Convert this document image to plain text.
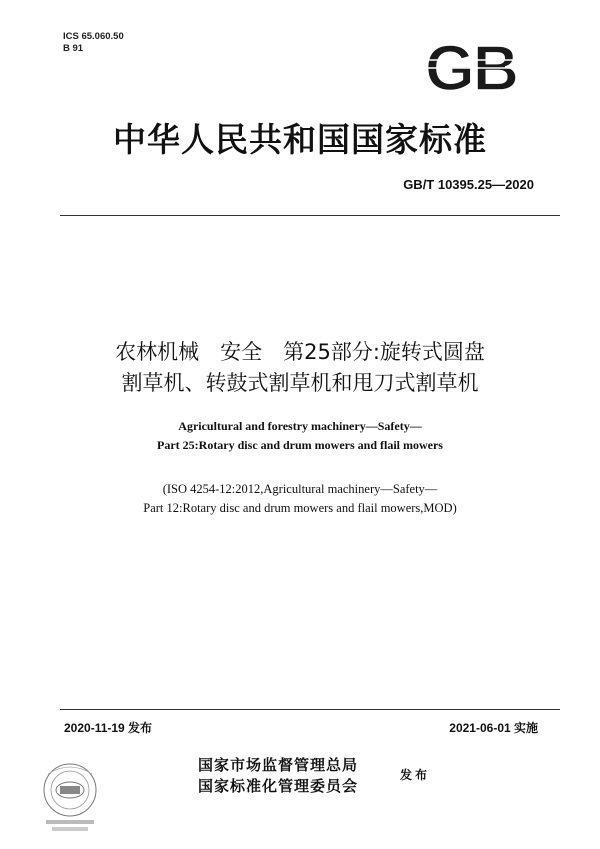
ICS 65.060.50
B 91	GB
中华人民共和国国家标准
GB/T 10395.25—2020
农林机械　安全　第25部分:旋转式圆盘
割草机、转鼓式割草机和甩刀式割草机
Agricultural and forestry machinery—Safety—
Part 25:Rotary disc and drum mowers and flail mowers
(ISO 4254-12:2012,Agricultural machinery—Safety—
Part 12:Rotary disc and drum mowers and flail mowers,MOD)
2020-11-19 发布	2021-06-01 实施
国家市场监督管理总局
国家标准化管理委员会
发布
